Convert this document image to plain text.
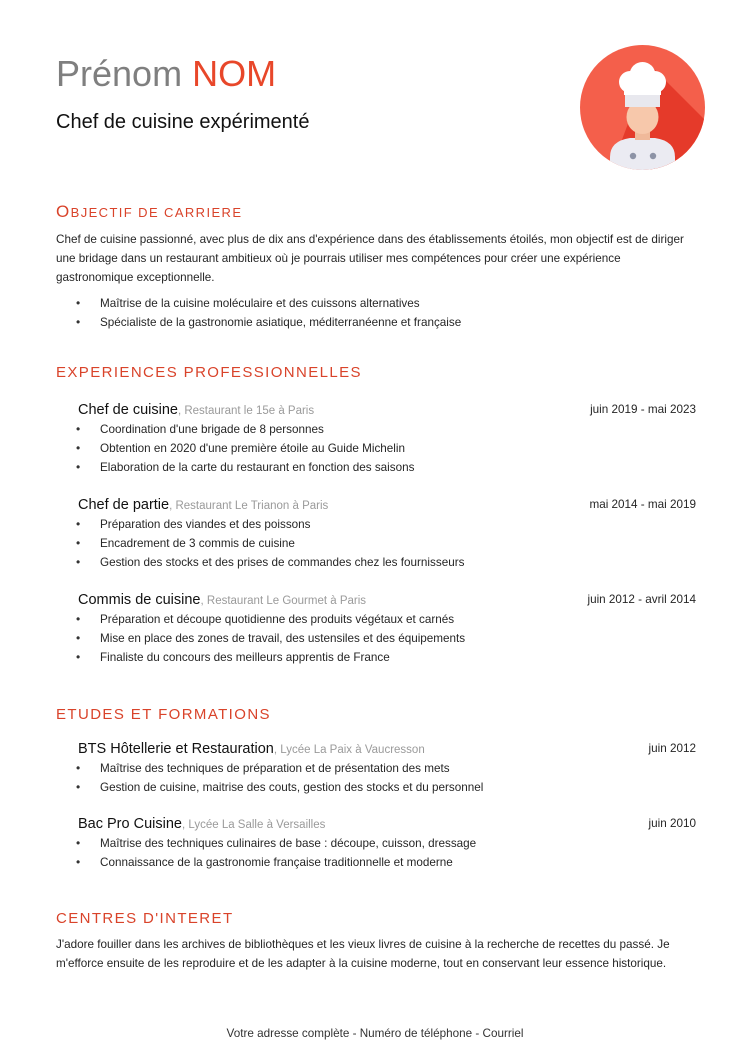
Prénom NOM
Chef de cuisine expérimenté
OBJECTIF DE CARRIERE

Chef de cuisine passionné, avec plus de dix ans d'expérience dans des établissements étoilés, mon objectif est de diriger une bridage dans un restaurant ambitieux où je pourrais utiliser mes compétences pour créer une expérience gastronomique exceptionnelle.

• Maîtrise de la cuisine moléculaire et des cuissons alternatives
• Spécialiste de la gastronomie asiatique, méditerranéenne et française
EXPERIENCES PROFESSIONNELLES
Chef de cuisine, Restaurant le 15e à Paris	juin 2019 - mai 2023
• Coordination d'une brigade de 8 personnes
• Obtention en 2020 d'une première étoile au Guide Michelin
• Elaboration de la carte du restaurant en fonction des saisons
Chef de partie, Restaurant Le Trianon à Paris	mai 2014 - mai 2019
• Préparation des viandes et des poissons
• Encadrement de 3 commis de cuisine
• Gestion des stocks et des prises de commandes chez les fournisseurs
Commis de cuisine, Restaurant Le Gourmet à Paris	juin 2012 - avril 2014
• Préparation et découpe quotidienne des produits végétaux et carnés
• Mise en place des zones de travail, des ustensiles et des équipements
• Finaliste du concours des meilleurs apprentis de France
ETUDES ET FORMATIONS
BTS Hôtellerie et Restauration, Lycée La Paix à Vaucresson	juin 2012
• Maîtrise des techniques de préparation et de présentation des mets
• Gestion de cuisine, maitrise des couts, gestion des stocks et du personnel
Bac Pro Cuisine, Lycée La Salle à Versailles	juin 2010
• Maîtrise des techniques culinaires de base : découpe, cuisson, dressage
• Connaissance de la gastronomie française traditionnelle et moderne
CENTRES D'INTERET

J'adore fouiller dans les archives de bibliothèques et les vieux livres de cuisine à la recherche de recettes du passé. Je m'efforce ensuite de les reproduire et de les adapter à la cuisine moderne, tout en conservant leur essence historique.

Votre adresse complète - Numéro de téléphone - Courriel
